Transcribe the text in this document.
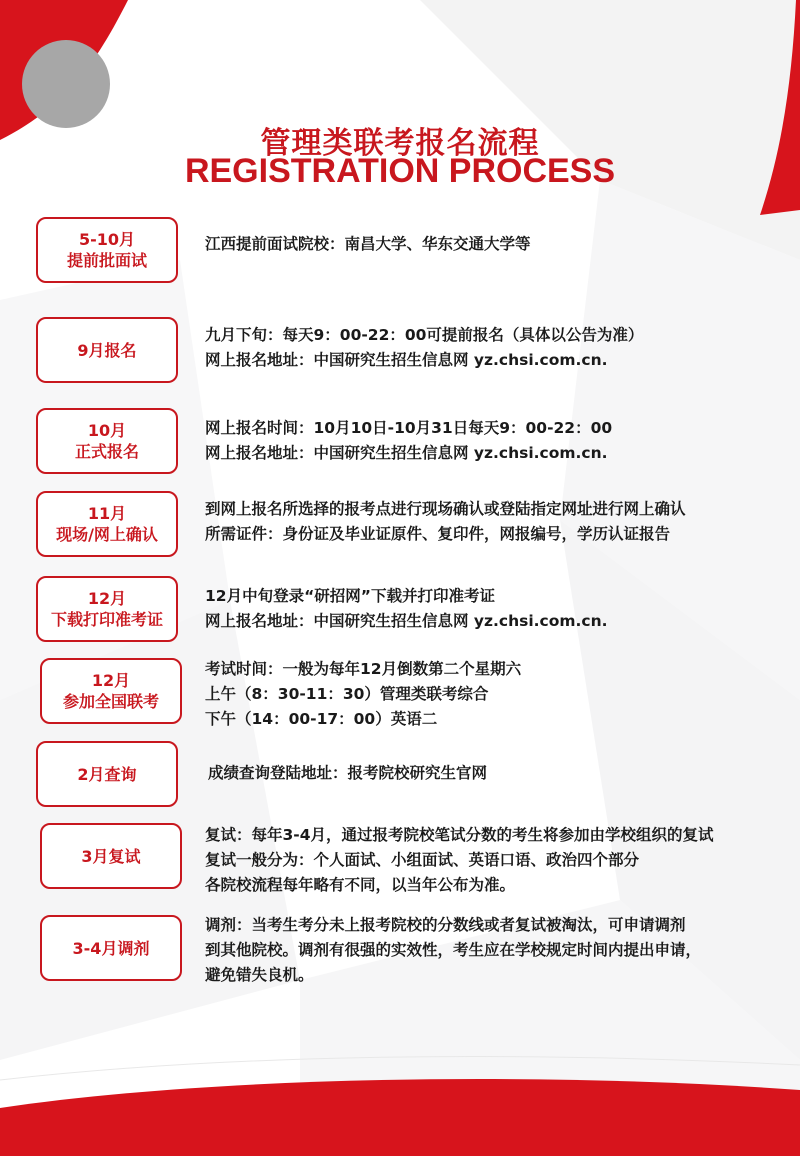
管理类联考报名流程
REGISTRATION PROCESS
5-10月
提前批面试
江西提前面试院校：南昌大学、华东交通大学等
9月报名
九月下旬：每天9：00-22：00可提前报名（具体以公告为准）
网上报名地址：中国研究生招生信息网 yz.chsi.com.cn.
10月
正式报名
网上报名时间：10月10日-10月31日每天9：00-22：00
网上报名地址：中国研究生招生信息网 yz.chsi.com.cn.
11月
现场/网上确认
到网上报名所选择的报考点进行现场确认或登陆指定网址进行网上确认
所需证件：身份证及毕业证原件、复印件，网报编号，学历认证报告
12月
下载打印准考证
12月中旬登录“研招网”下载并打印准考证
网上报名地址：中国研究生招生信息网 yz.chsi.com.cn.
12月
参加全国联考
考试时间：一般为每年12月倒数第二个星期六
上午（8：30-11：30）管理类联考综合
下午（14：00-17：00）英语二
2月查询	成绩查询登陆地址：报考院校研究生官网
3月复试
复试：每年3-4月，通过报考院校笔试分数的考生将参加由学校组织的复试
复试一般分为：个人面试、小组面试、英语口语、政治四个部分
各院校流程每年略有不同，以当年公布为准。
3-4月调剂
调剂：当考生考分未上报考院校的分数线或者复试被淘汰，可申请调剂
到其他院校。调剂有很强的实效性，考生应在学校规定时间内提出申请，
避免错失良机。
